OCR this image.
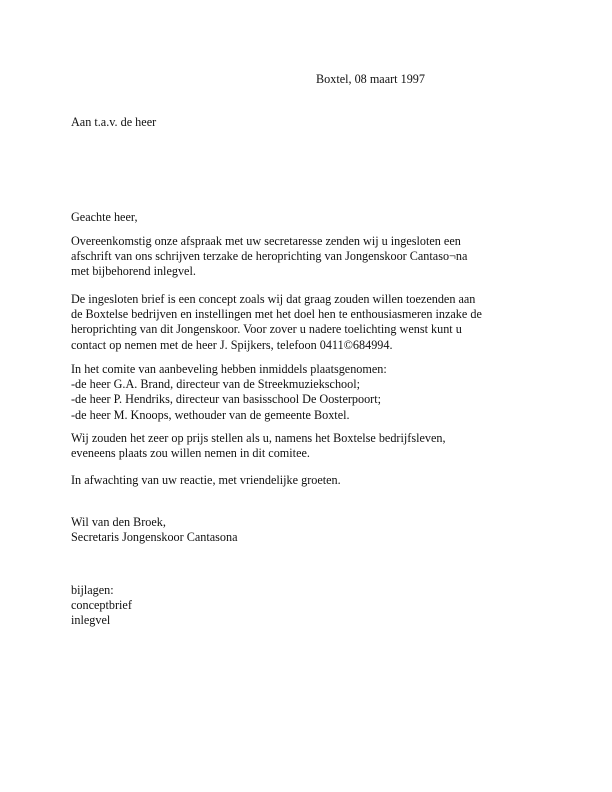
Boxtel, 08 maart 1997
Aan t.a.v. de heer
Geachte heer,
Overeenkomstig onze afspraak met uw secretaresse zenden wij u ingesloten een
afschrift van ons schrijven terzake de heroprichting van Jongenskoor Cantaso¬na
met bijbehorend inlegvel.
De ingesloten brief is een concept zoals wij dat graag zouden willen toezenden aan
de Boxtelse bedrijven en instellingen met het doel hen te enthousiasmeren inzake de
heroprichting van dit Jongenskoor. Voor zover u nadere toelichting wenst kunt u
contact op nemen met de heer J. Spijkers, telefoon 0411©684994.
In het comite van aanbeveling hebben inmiddels plaatsgenomen:
-de heer G.A. Brand, directeur van de Streekmuziekschool;
-de heer P. Hendriks, directeur van basisschool De Oosterpoort;
-de heer M. Knoops, wethouder van de gemeente Boxtel.
Wij zouden het zeer op prijs stellen als u, namens het Boxtelse bedrijfsleven,
eveneens plaats zou willen nemen in dit comitee.
In afwachting van uw reactie, met vriendelijke groeten.
Wil van den Broek,
Secretaris Jongenskoor Cantasona
bijlagen:
conceptbrief
inlegvel
